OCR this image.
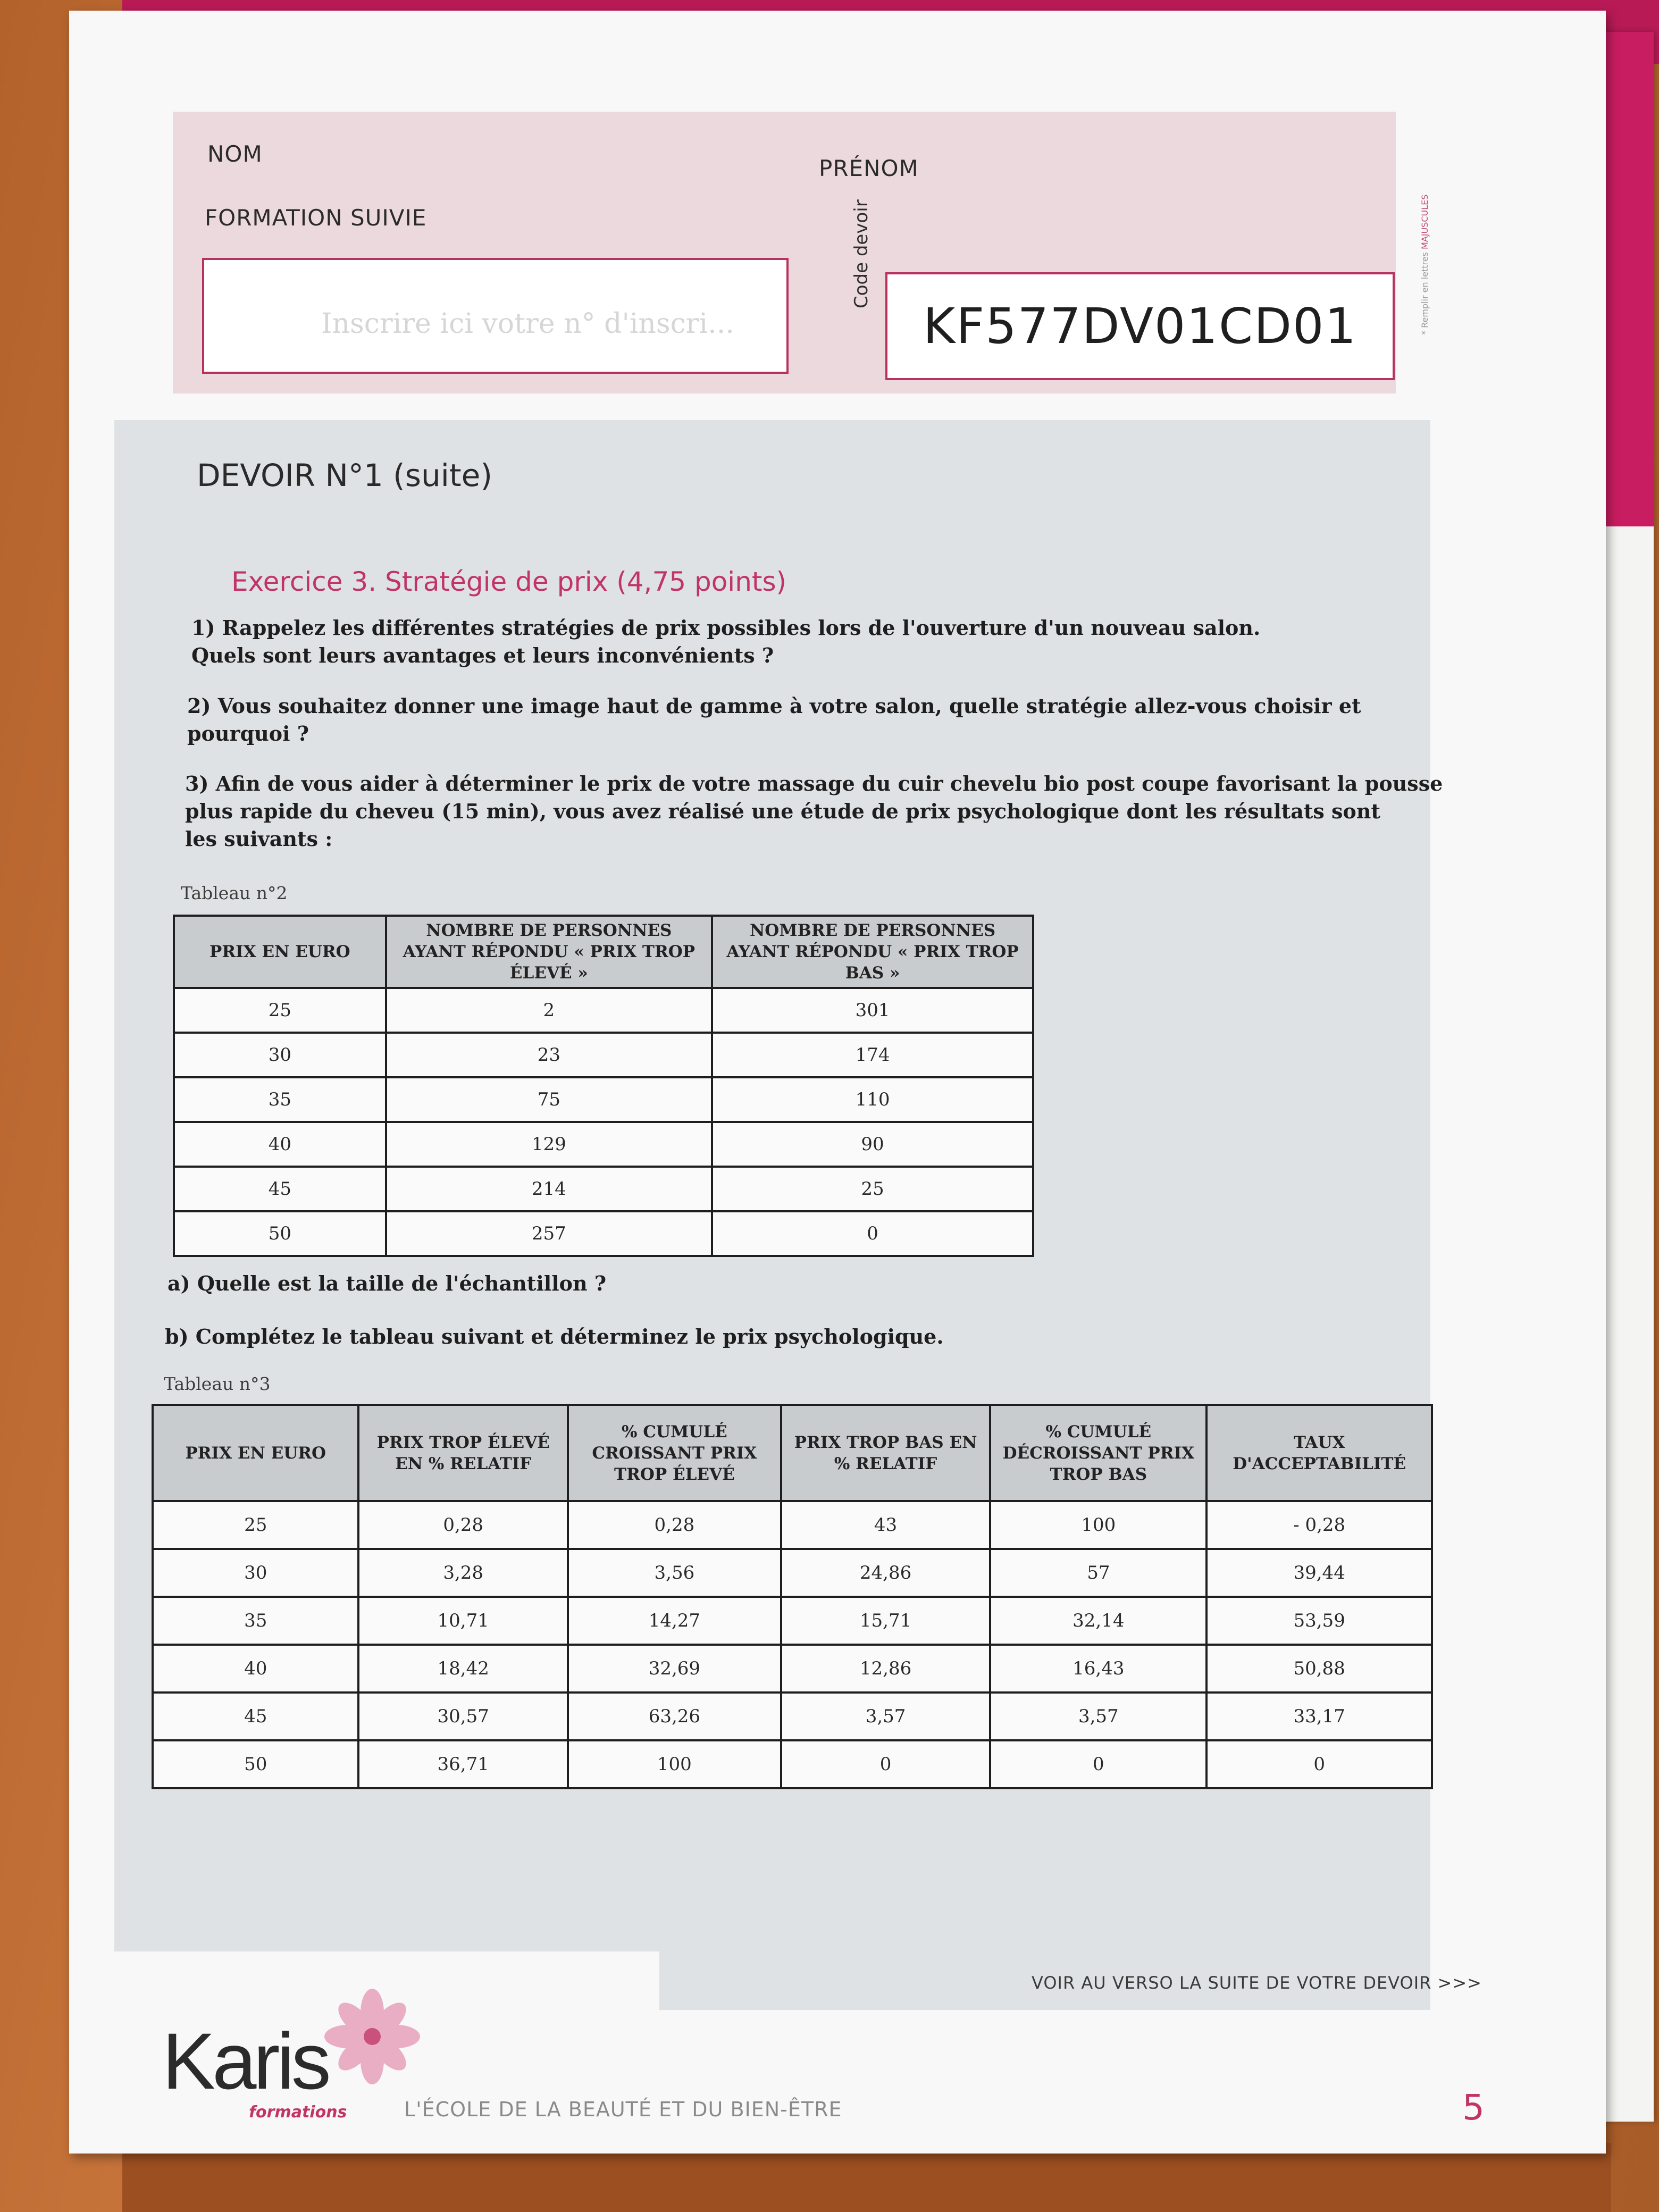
NOM
PRÉNOM
FORMATION SUIVIE
Inscrire ici votre n° d'inscri...
Code devoir
KF577DV01CD01	* Remplir en lettres MAJUSCULES
DEVOIR N°1 (suite)
Exercice 3. Stratégie de prix (4,75 points)
1) Rappelez les différentes stratégies de prix possibles lors de l'ouverture d'un nouveau salon.
Quels sont leurs avantages et leurs inconvénients ?
2) Vous souhaitez donner une image haut de gamme à votre salon, quelle stratégie allez-vous choisir et
pourquoi ?
3) Afin de vous aider à déterminer le prix de votre massage du cuir chevelu bio post coupe favorisant la pousse
plus rapide du cheveu (15 min), vous avez réalisé une étude de prix psychologique dont les résultats sont
les suivants :
Tableau n°2
PRIX EN EURO	NOMBRE DE PERSONNES AYANT RÉPONDU « PRIX TROP ÉLEVÉ »	NOMBRE DE PERSONNES AYANT RÉPONDU « PRIX TROP BAS »
25	2	301
30	23	174
35	75	110
40	129	90
45	214	25
50	257	0
a) Quelle est la taille de l'échantillon ?
b) Complétez le tableau suivant et déterminez le prix psychologique.
Tableau n°3
PRIX EN EURO	PRIX TROP ÉLEVÉ EN % RELATIF	% CUMULÉ CROISSANT PRIX TROP ÉLEVÉ	PRIX TROP BAS EN % RELATIF	% CUMULÉ DÉCROISSANT PRIX TROP BAS	TAUX D'ACCEPTABILITÉ
25	0,28	0,28	43	100	- 0,28
30	3,28	3,56	24,86	57	39,44
35	10,71	14,27	15,71	32,14	53,59
40	18,42	32,69	12,86	16,43	50,88
45	30,57	63,26	3,57	3,57	33,17
50	36,71	100	0	0	0
VOIR AU VERSO LA SUITE DE VOTRE DEVOIR >>>
Karis
formations	L'ÉCOLE DE LA BEAUTÉ ET DU BIEN-ÊTRE	5
